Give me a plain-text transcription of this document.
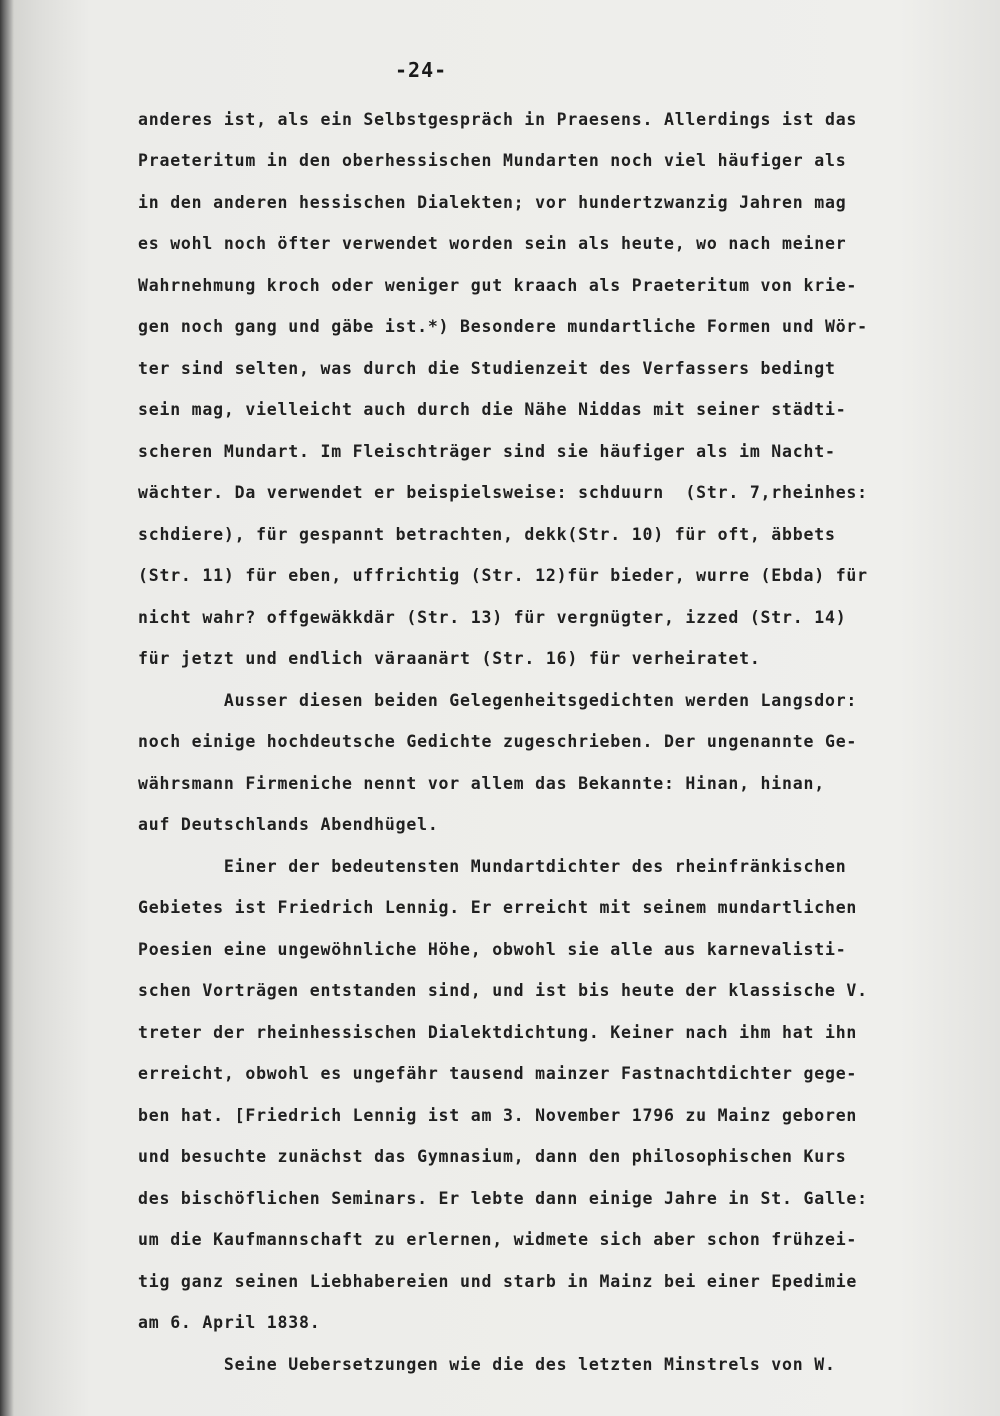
-24-
anderes ist, als ein Selbstgespräch in Praesens. Allerdings ist das
Praeteritum in den oberhessischen Mundarten noch viel häufiger als
in den anderen hessischen Dialekten; vor hundertzwanzig Jahren mag
es wohl noch öfter verwendet worden sein als heute, wo nach meiner
Wahrnehmung kroch oder weniger gut kraach als Praeteritum von krie-
gen noch gang und gäbe ist.*) Besondere mundartliche Formen und Wör-
ter sind selten, was durch die Studienzeit des Verfassers bedingt
sein mag, vielleicht auch durch die Nähe Niddas mit seiner städti-
scheren Mundart. Im Fleischträger sind sie häufiger als im Nacht-
wächter. Da verwendet er beispielsweise: schduurn  (Str. 7,rheinhes:
schdiere), für gespannt betrachten, dekk(Str. 10) für oft, äbbets
(Str. 11) für eben, uffrichtig (Str. 12)für bieder, wurre (Ebda) für
nicht wahr? offgewäkkdär (Str. 13) für vergnügter, izzed (Str. 14)
für jetzt und endlich väraanärt (Str. 16) für verheiratet.
Ausser diesen beiden Gelegenheitsgedichten werden Langsdor:
noch einige hochdeutsche Gedichte zugeschrieben. Der ungenannte Ge-
währsmann Firmeniche nennt vor allem das Bekannte: Hinan, hinan,
auf Deutschlands Abendhügel.
Einer der bedeutensten Mundartdichter des rheinfränkischen
Gebietes ist Friedrich Lennig. Er erreicht mit seinem mundartlichen
Poesien eine ungewöhnliche Höhe, obwohl sie alle aus karnevalisti-
schen Vorträgen entstanden sind, und ist bis heute der klassische V.
treter der rheinhessischen Dialektdichtung. Keiner nach ihm hat ihn
erreicht, obwohl es ungefähr tausend mainzer Fastnachtdichter gege-
ben hat. [Friedrich Lennig ist am 3. November 1796 zu Mainz geboren
und besuchte zunächst das Gymnasium, dann den philosophischen Kurs
des bischöflichen Seminars. Er lebte dann einige Jahre in St. Galle:
um die Kaufmannschaft zu erlernen, widmete sich aber schon frühzei-
tig ganz seinen Liebhabereien und starb in Mainz bei einer Epedimie
am 6. April 1838.
Seine Uebersetzungen wie die des letzten Minstrels von W.
